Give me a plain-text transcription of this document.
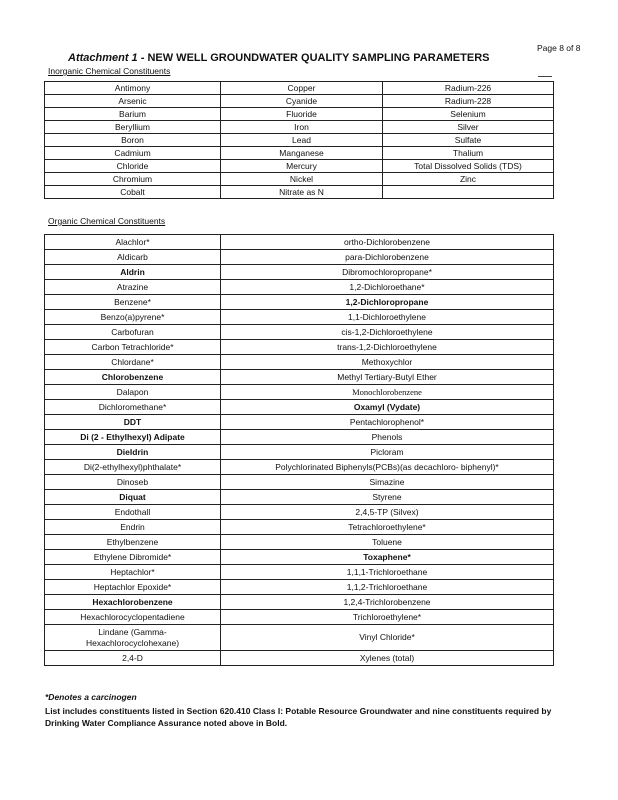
Page 8 of 8
Attachment 1 - NEW WELL GROUNDWATER QUALITY SAMPLING PARAMETERS
Inorganic Chemical Constituents
Antimony	Copper	Radium-226
Arsenic	Cyanide	Radium-228
Barium	Fluoride	Selenium
Beryllium	Iron	Silver
Boron	Lead	Sulfate
Cadmium	Manganese	Thalium
Chloride	Mercury	Total Dissolved Solids (TDS)
Chromium	Nickel	Zinc
Cobalt	Nitrate as N	
Organic Chemical Constituents
Alachlor*	ortho-Dichlorobenzene
Aldicarb	para-Dichlorobenzene
Aldrin	Dibromochloropropane*
Atrazine	1,2-Dichloroethane*
Benzene*	1,2-Dichloropropane
Benzo(a)pyrene*	1,1-Dichloroethylene
Carbofuran	cis-1,2-Dichloroethylene
Carbon Tetrachloride*	trans-1,2-Dichloroethylene
Chlordane*	Methoxychlor
Chlorobenzene	Methyl Tertiary-Butyl Ether
Dalapon	Monochlorobenzene
Dichloromethane*	Oxamyl (Vydate)
DDT	Pentachlorophenol*
Di (2 - Ethylhexyl) Adipate	Phenols
Dieldrin	Picloram
Di(2-ethylhexyl)phthalate*	Polychlorinated Biphenyls(PCBs)(as decachloro- biphenyl)*
Dinoseb	Simazine
Diquat	Styrene
Endothall	2,4,5-TP (Silvex)
Endrin	Tetrachloroethylene*
Ethylbenzene	Toluene
Ethylene Dibromide*	Toxaphene*
Heptachlor*	1,1,1-Trichloroethane
Heptachlor Epoxide*	1,1,2-Trichloroethane
Hexachlorobenzene	1,2,4-Trichlorobenzene
Hexachlorocyclopentadiene	Trichloroethylene*
Lindane (Gamma-
Hexachlorocyclohexane)	Vinyl Chloride*
2,4-D	Xylenes (total)
*Denotes a carcinogen
List includes constituents listed in Section 620.410 Class I: Potable Resource Groundwater and nine constituents required by Drinking Water Compliance Assurance noted above in Bold.
